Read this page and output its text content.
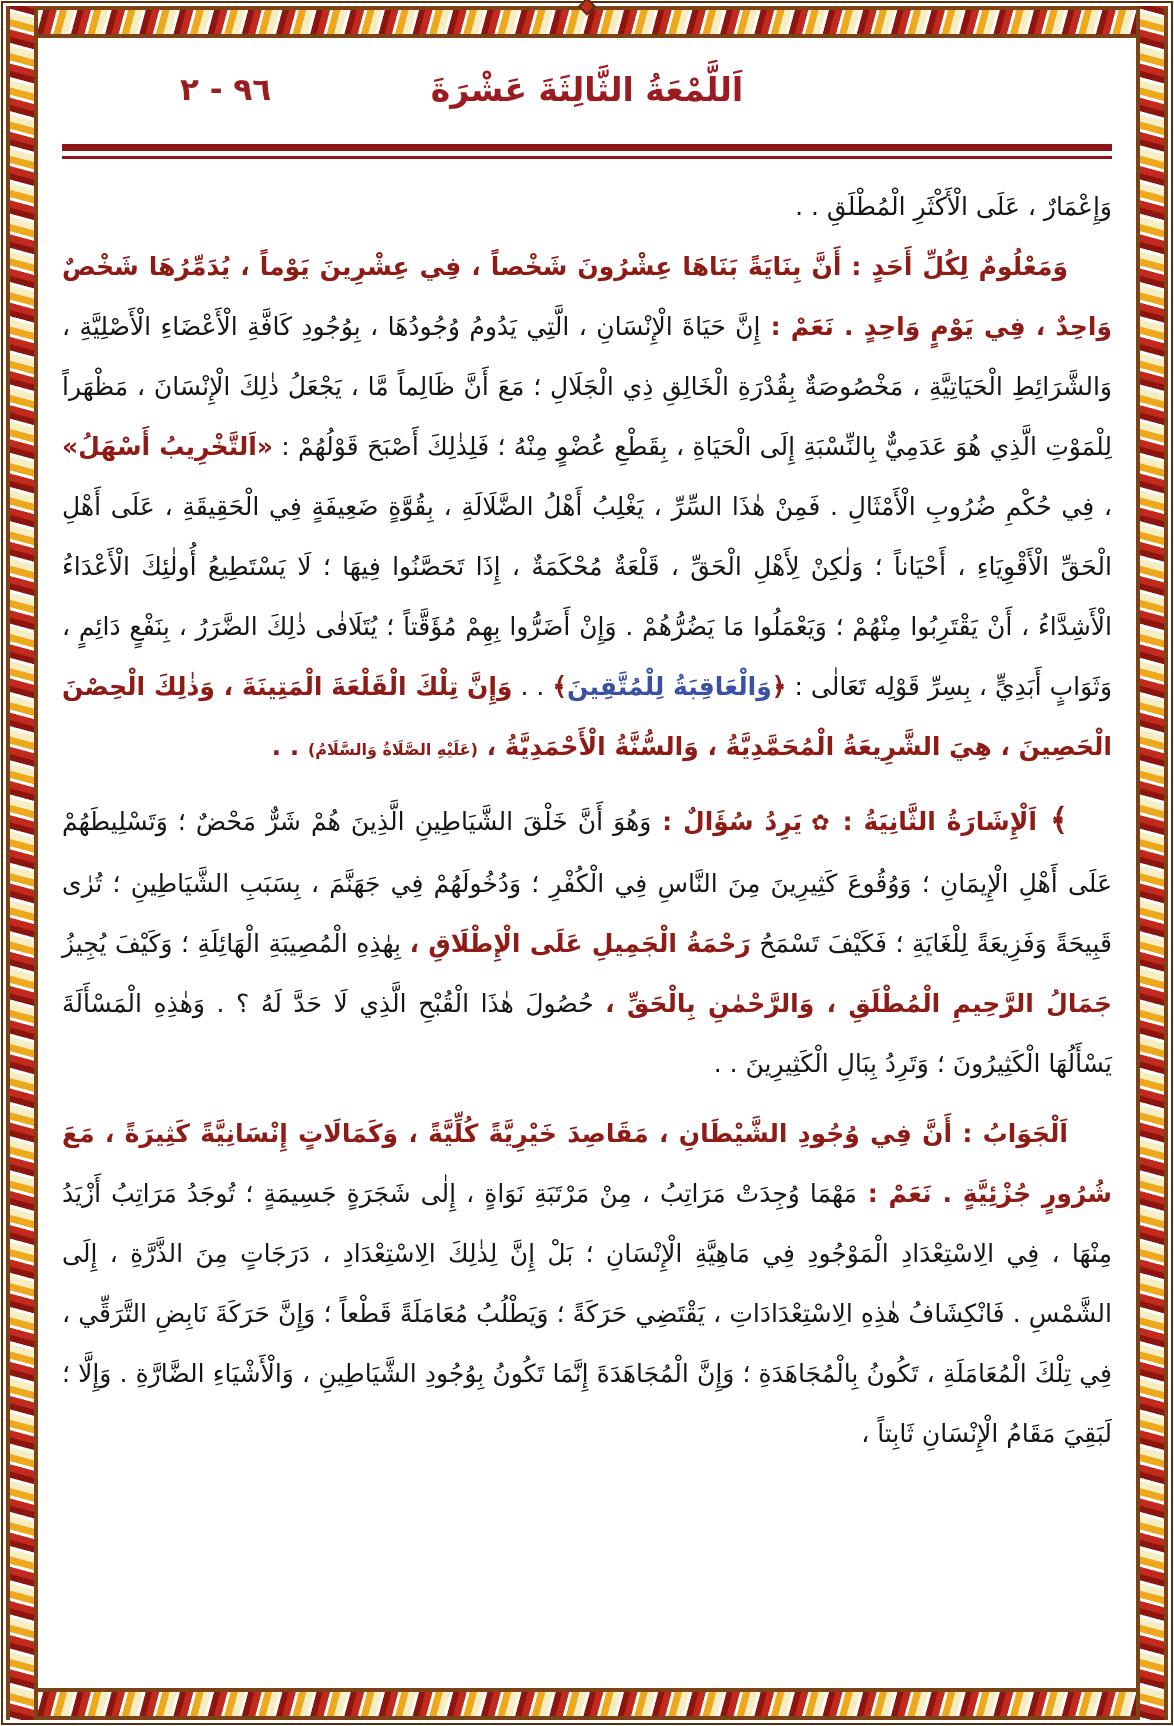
٩٦ - ٢	اَللَّمْعَةُ الثَّالِثَةَ عَشْرَةَ

وَإِعْمَارٌ ، عَلَى الْأَكْثَرِ الْمُطْلَقِ . .

وَمَعْلُومٌ لِكُلِّ أَحَدٍ : أَنَّ بِنَايَةً بَنَاهَا عِشْرُونَ شَخْصاً ، فِي عِشْرِينَ يَوْماً ، يُدَمِّرُهَا شَخْصٌ وَاحِدٌ ، فِي يَوْمٍ وَاحِدٍ . نَعَمْ : إِنَّ حَيَاةَ الْإِنْسَانِ ، الَّتِي يَدُومُ وُجُودُهَا ، بِوُجُودِ كَافَّةِ الْأَعْضَاءِ الْأَصْلِيَّةِ ، وَالشَّرَائِطِ الْحَيَاتِيَّةِ ، مَخْصُوصَةٌ بِقُدْرَةِ الْخَالِقِ ذِي الْجَلَالِ ؛ مَعَ أَنَّ ظَالِماً مَّا ، يَجْعَلُ ذٰلِكَ الْإِنْسَانَ ، مَظْهَراً لِلْمَوْتِ الَّذِي هُوَ عَدَمِيٌّ بِالنِّسْبَةِ إِلَى الْحَيَاةِ ، بِقَطْعِ عُضْوٍ مِنْهُ ؛ فَلِذٰلِكَ أَصْبَحَ قَوْلُهُمْ : «اَلتَّخْرِيبُ أَسْهَلُ» ، فِي حُكْمِ ضُرُوبِ الْأَمْثَالِ . فَمِنْ هٰذَا السِّرِّ ، يَغْلِبُ أَهْلُ الضَّلَالَةِ ، بِقُوَّةٍ ضَعِيفَةٍ فِي الْحَقِيقَةِ ، عَلَى أَهْلِ الْحَقِّ الْأَقْوِيَاءِ ، أَحْيَاناً ؛ وَلٰكِنْ لِأَهْلِ الْحَقِّ ، قَلْعَةٌ مُحْكَمَةٌ ، إِذَا تَحَصَّنُوا فِيهَا ؛ لَا يَسْتَطِيعُ أُولٰئِكَ الْأَعْدَاءُ الْأَشِدَّاءُ ، أَنْ يَقْتَرِبُوا مِنْهُمْ ؛ وَيَعْمَلُوا مَا يَضُرُّهُمْ . وَإِنْ أَضَرُّوا بِهِمْ مُؤَقَّتاً ؛ يُتَلَافٰى ذٰلِكَ الضَّرَرُ ، بِنَفْعٍ دَائِمٍ ، وَثَوَابٍ أَبَدِيٍّ ، بِسِرِّ قَوْلِه تَعَالٰى : ﴿وَالْعَاقِبَةُ لِلْمُتَّقِينَ﴾ . . وَإِنَّ تِلْكَ الْقَلْعَةَ الْمَتِينَةَ ، وَذٰلِكَ الْحِصْنَ الْحَصِينَ ، هِيَ الشَّرِيعَةُ الْمُحَمَّدِيَّةُ ، وَالسُّنَّةُ الْأَحْمَدِيَّةُ ، (عَلَيْهِ الصَّلَاةُ وَالسَّلَامُ) . .

﴾ اَلْإِشَارَةُ الثَّانِيَةُ : ✿ يَرِدُ سُؤَالٌ : وَهُوَ أَنَّ خَلْقَ الشَّيَاطِينِ الَّذِينَ هُمْ شَرٌّ مَحْضٌ ؛ وَتَسْلِيطَهُمْ عَلَى أَهْلِ الْإِيمَانِ ؛ وَوُقُوعَ كَثِيرِينَ مِنَ النَّاسِ فِي الْكُفْرِ ؛ وَدُخُولَهُمْ فِي جَهَنَّمَ ، بِسَبَبِ الشَّيَاطِينِ ؛ تُرٰى قَبِيحَةً وَفَزِيعَةً لِلْغَايَةِ ؛ فَكَيْفَ تَسْمَحُ رَحْمَةُ الْجَمِيلِ عَلَى الْإِطْلَاقِ ، بِهٰذِهِ الْمُصِيبَةِ الْهَائِلَةِ ؛ وَكَيْفَ يُجِيزُ جَمَالُ الرَّحِيمِ الْمُطْلَقِ ، وَالرَّحْمٰنِ بِالْحَقِّ ، حُصُولَ هٰذَا الْقُبْحِ الَّذِي لَا حَدَّ لَهُ ؟ . وَهٰذِهِ الْمَسْأَلَةَ يَسْأَلُهَا الْكَثِيرُونَ ؛ وَتَرِدُ بِبَالِ الْكَثِيرِينَ . .

اَلْجَوَابُ : أَنَّ فِي وُجُودِ الشَّيْطَانِ ، مَقَاصِدَ خَيْرِيَّةً كُلِّيَّةً ، وَكَمَالَاتٍ إِنْسَانِيَّةً كَثِيرَةً ، مَعَ شُرُورٍ جُزْئِيَّةٍ . نَعَمْ : مَهْمَا وُجِدَتْ مَرَاتِبُ ، مِنْ مَرْتَبَةِ نَوَاةٍ ، إِلٰى شَجَرَةٍ جَسِيمَةٍ ؛ تُوجَدُ مَرَاتِبُ أَزْيَدُ مِنْهَا ، فِي الِاسْتِعْدَادِ الْمَوْجُودِ فِي مَاهِيَّةِ الْإِنْسَانِ ؛ بَلْ إِنَّ لِذٰلِكَ الِاسْتِعْدَادِ ، دَرَجَاتٍ مِنَ الذَّرَّةِ ، إِلَى الشَّمْسِ . فَانْكِشَافُ هٰذِهِ الِاسْتِعْدَادَاتِ ، يَقْتَضِي حَرَكَةً ؛ وَيَطْلُبُ مُعَامَلَةً قَطْعاً ؛ وَإِنَّ حَرَكَةَ نَابِضِ التَّرَقِّي ، فِي تِلْكَ الْمُعَامَلَةِ ، تَكُونُ بِالْمُجَاهَدَةِ ؛ وَإِنَّ الْمُجَاهَدَةَ إِنَّمَا تَكُونُ بِوُجُودِ الشَّيَاطِينِ ، وَالْأَشْيَاءِ الضَّارَّةِ . وَإِلَّا ؛ لَبَقِيَ مَقَامُ الْإِنْسَانِ ثَابِتاً ،
